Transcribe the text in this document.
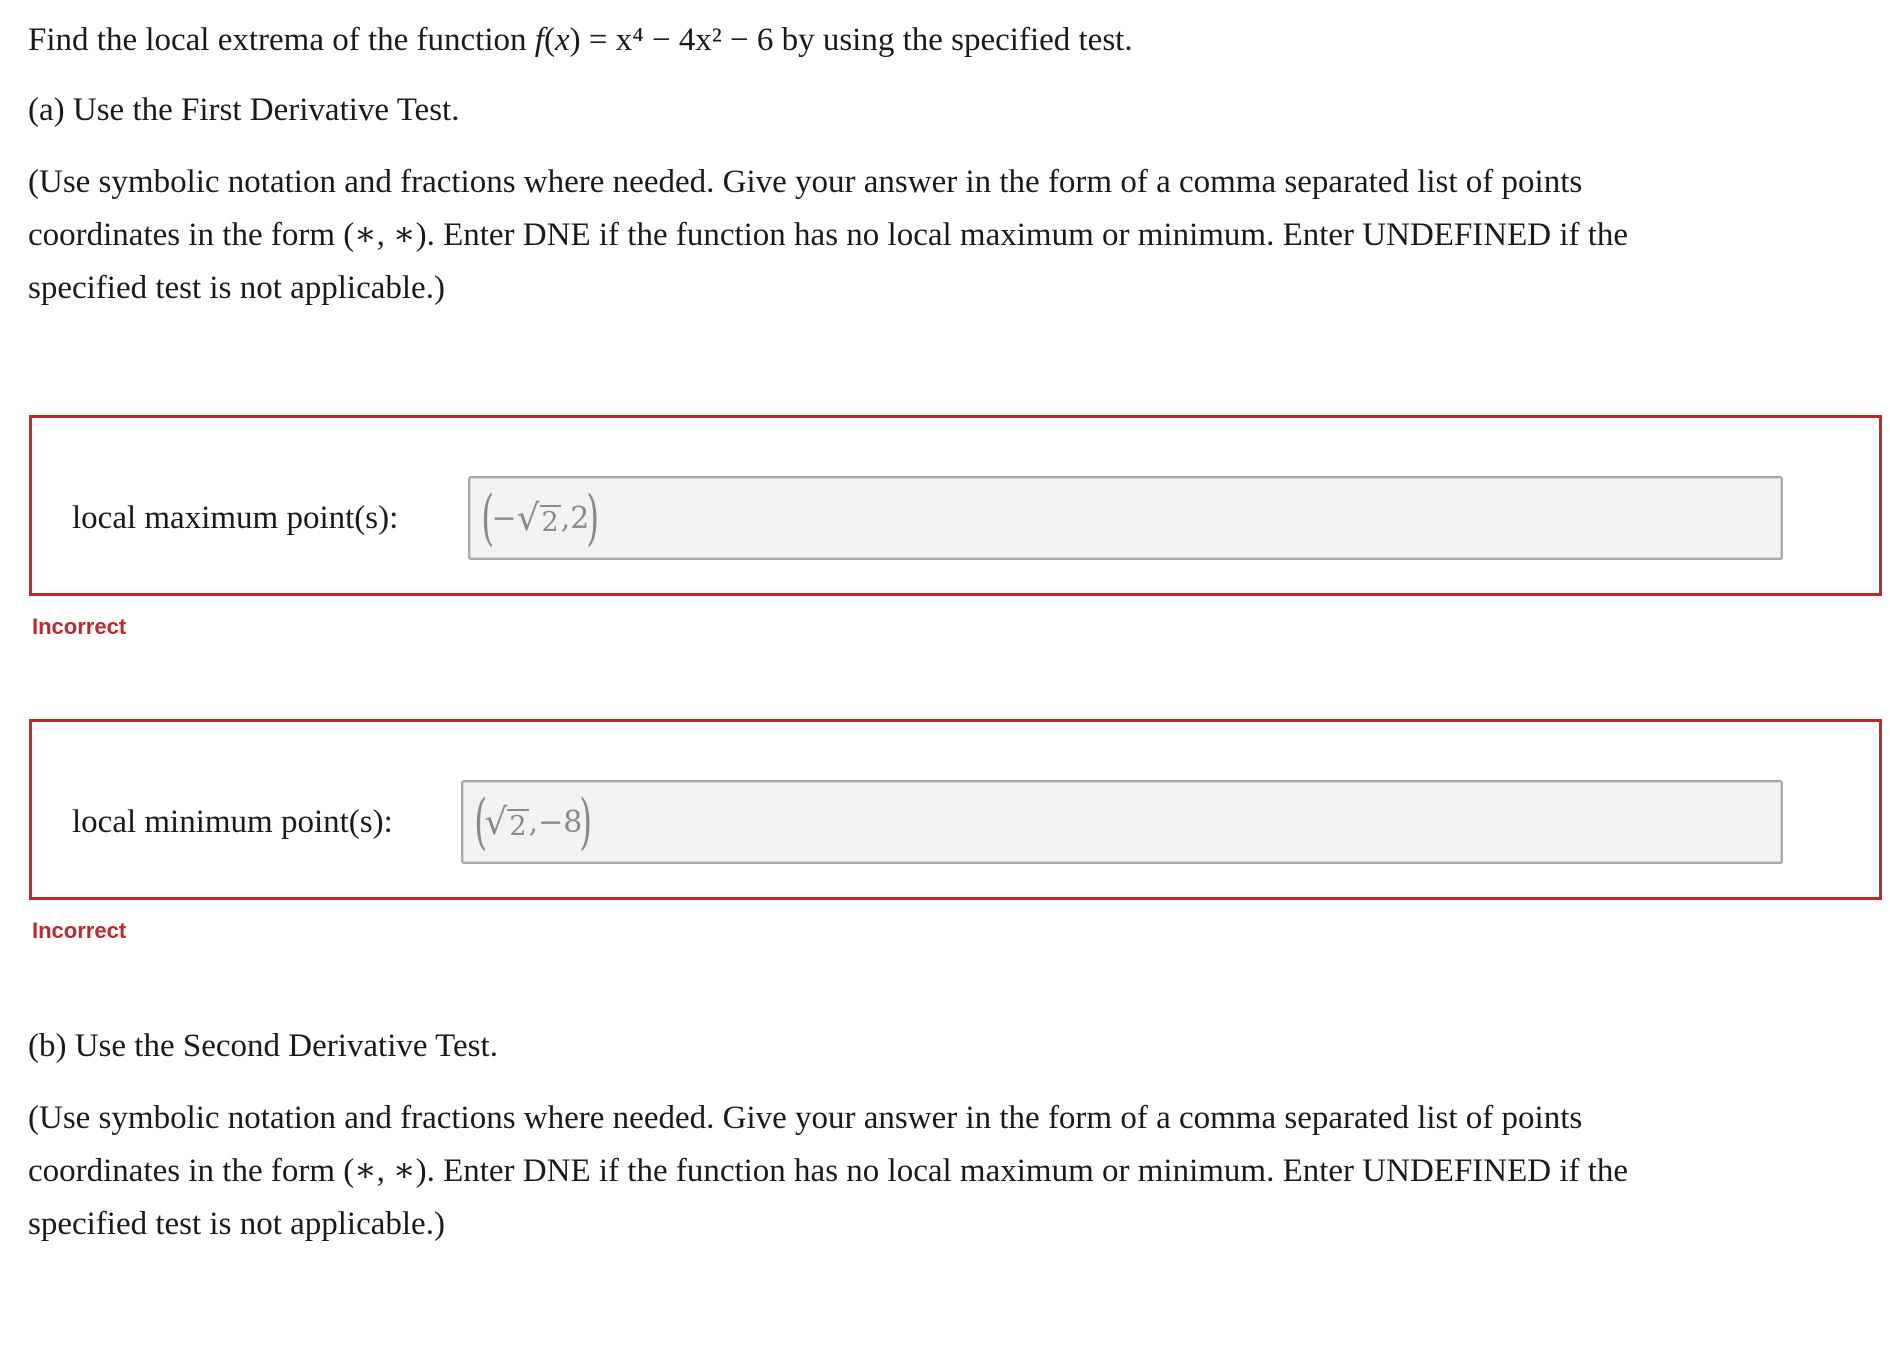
Find the local extrema of the function f(x) = x⁴ − 4x² − 6 by using the specified test.
(a) Use the First Derivative Test.
(Use symbolic notation and fractions where needed. Give your answer in the form of a comma separated list of points
coordinates in the form (∗, ∗). Enter DNE if the function has no local maximum or minimum. Enter UNDEFINED if the
specified test is not applicable.)
local maximum point(s): (
− √ 2 ,2
)
Incorrect
local minimum point(s): (
√ 2 ,−8
)
Incorrect
(b) Use the Second Derivative Test.
(Use symbolic notation and fractions where needed. Give your answer in the form of a comma separated list of points
coordinates in the form (∗, ∗). Enter DNE if the function has no local maximum or minimum. Enter UNDEFINED if the
specified test is not applicable.)
